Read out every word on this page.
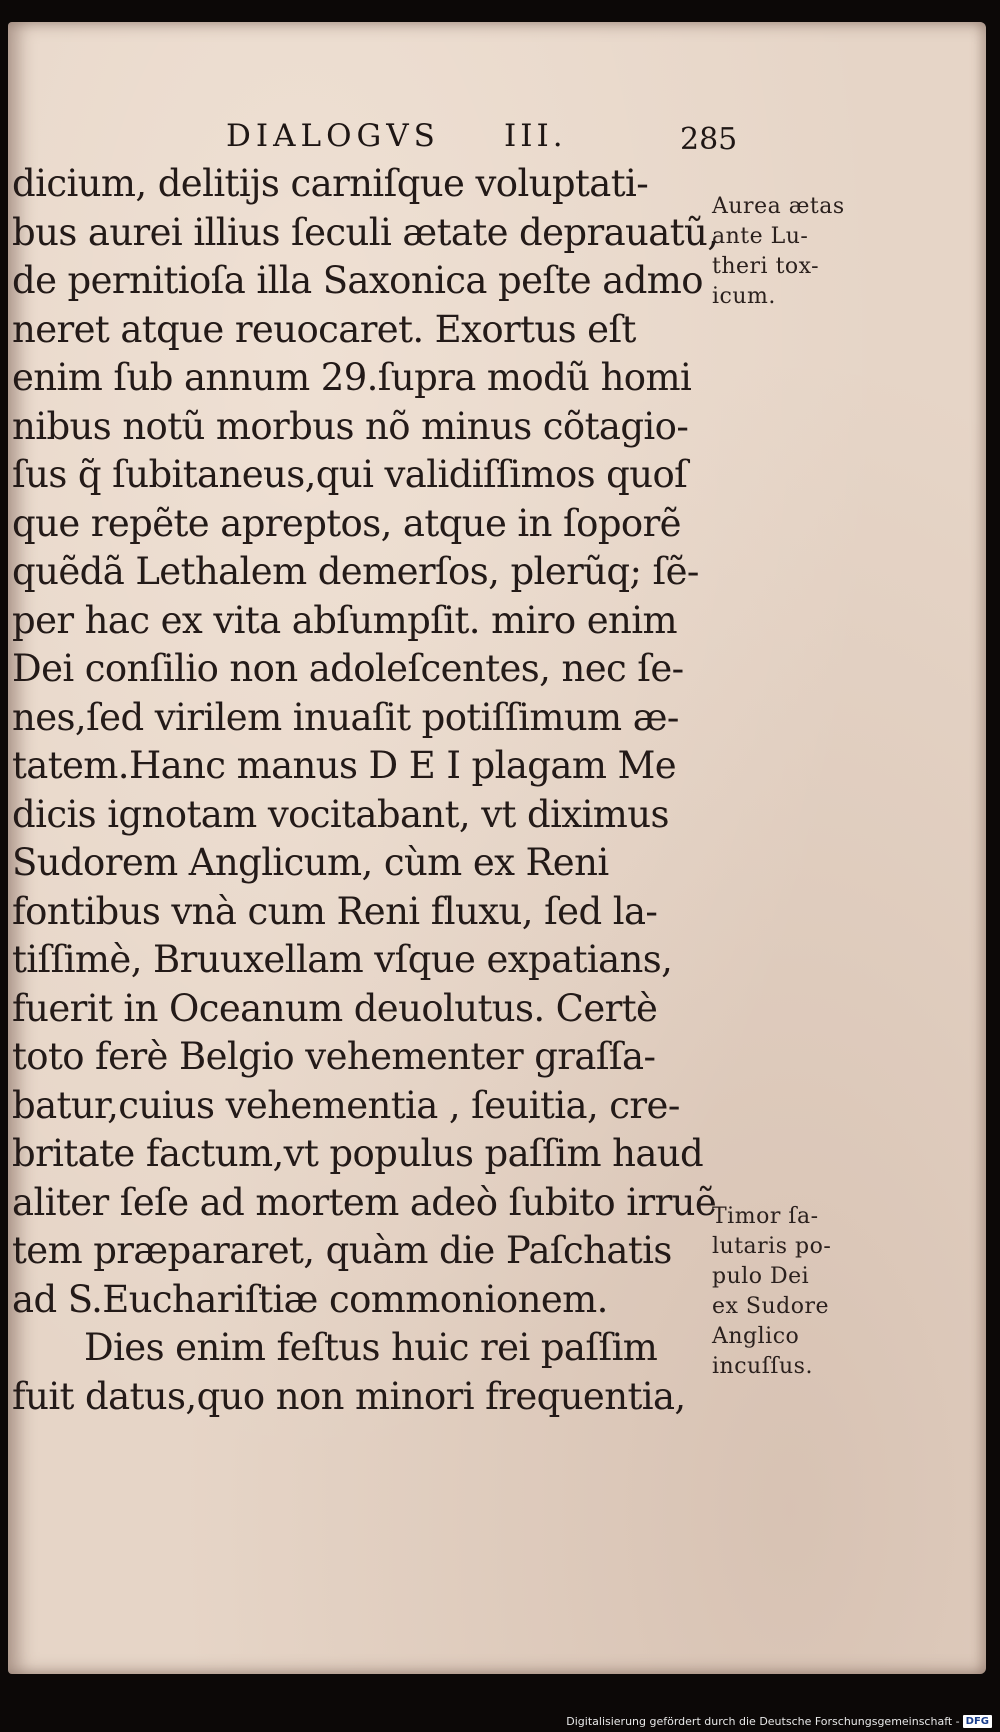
DIALOGVS III.	285
dicium, delitijs carniſque voluptati-
bus aurei illius ſeculi ætate deprauatũ,
de pernitioſa illa Saxonica peſte admo
neret atque reuocaret. Exortus eſt
enim ſub annum 29.ſupra modũ homi
nibus notũ morbus nõ minus cõtagio-
ſus q̃ ſubitaneus,qui validiſſimos quoſ
que repẽte apreptos, atque in ſoporẽ
quẽdã Lethalem demerſos, plerũq; ſẽ-
per hac ex vita abſumpſit. miro enim
Dei conſilio non adoleſcentes, nec ſe-
nes,ſed virilem inuaſit potiſſimum æ-
tatem.Hanc manus D E I plagam Me
dicis ignotam vocitabant, vt diximus
Sudorem Anglicum, cùm ex Reni
fontibus vnà cum Reni fluxu, ſed la-
tiſſimè, Bruuxellam vſque expatians,
fuerit in Oceanum deuolutus. Certè
toto ferè Belgio vehementer graſſa-
batur,cuius vehementia , ſeuitia, cre-
britate factum,vt populus paſſim haud
aliter ſeſe ad mortem adeò ſubito irruẽ
tem præpararet, quàm die Paſchatis
ad S.Euchariſtiæ commonionem.
Dies enim feſtus huic rei paſſim
fuit datus,quo non minori frequentia,
Aurea ætas
ante Lu-
theri tox-
icum.
Timor ſa-
lutaris po-
pulo Dei
ex Sudore
Anglico
incuſſus.
Digitalisierung gefördert durch die Deutsche Forschungsgemeinschaft - DFG
